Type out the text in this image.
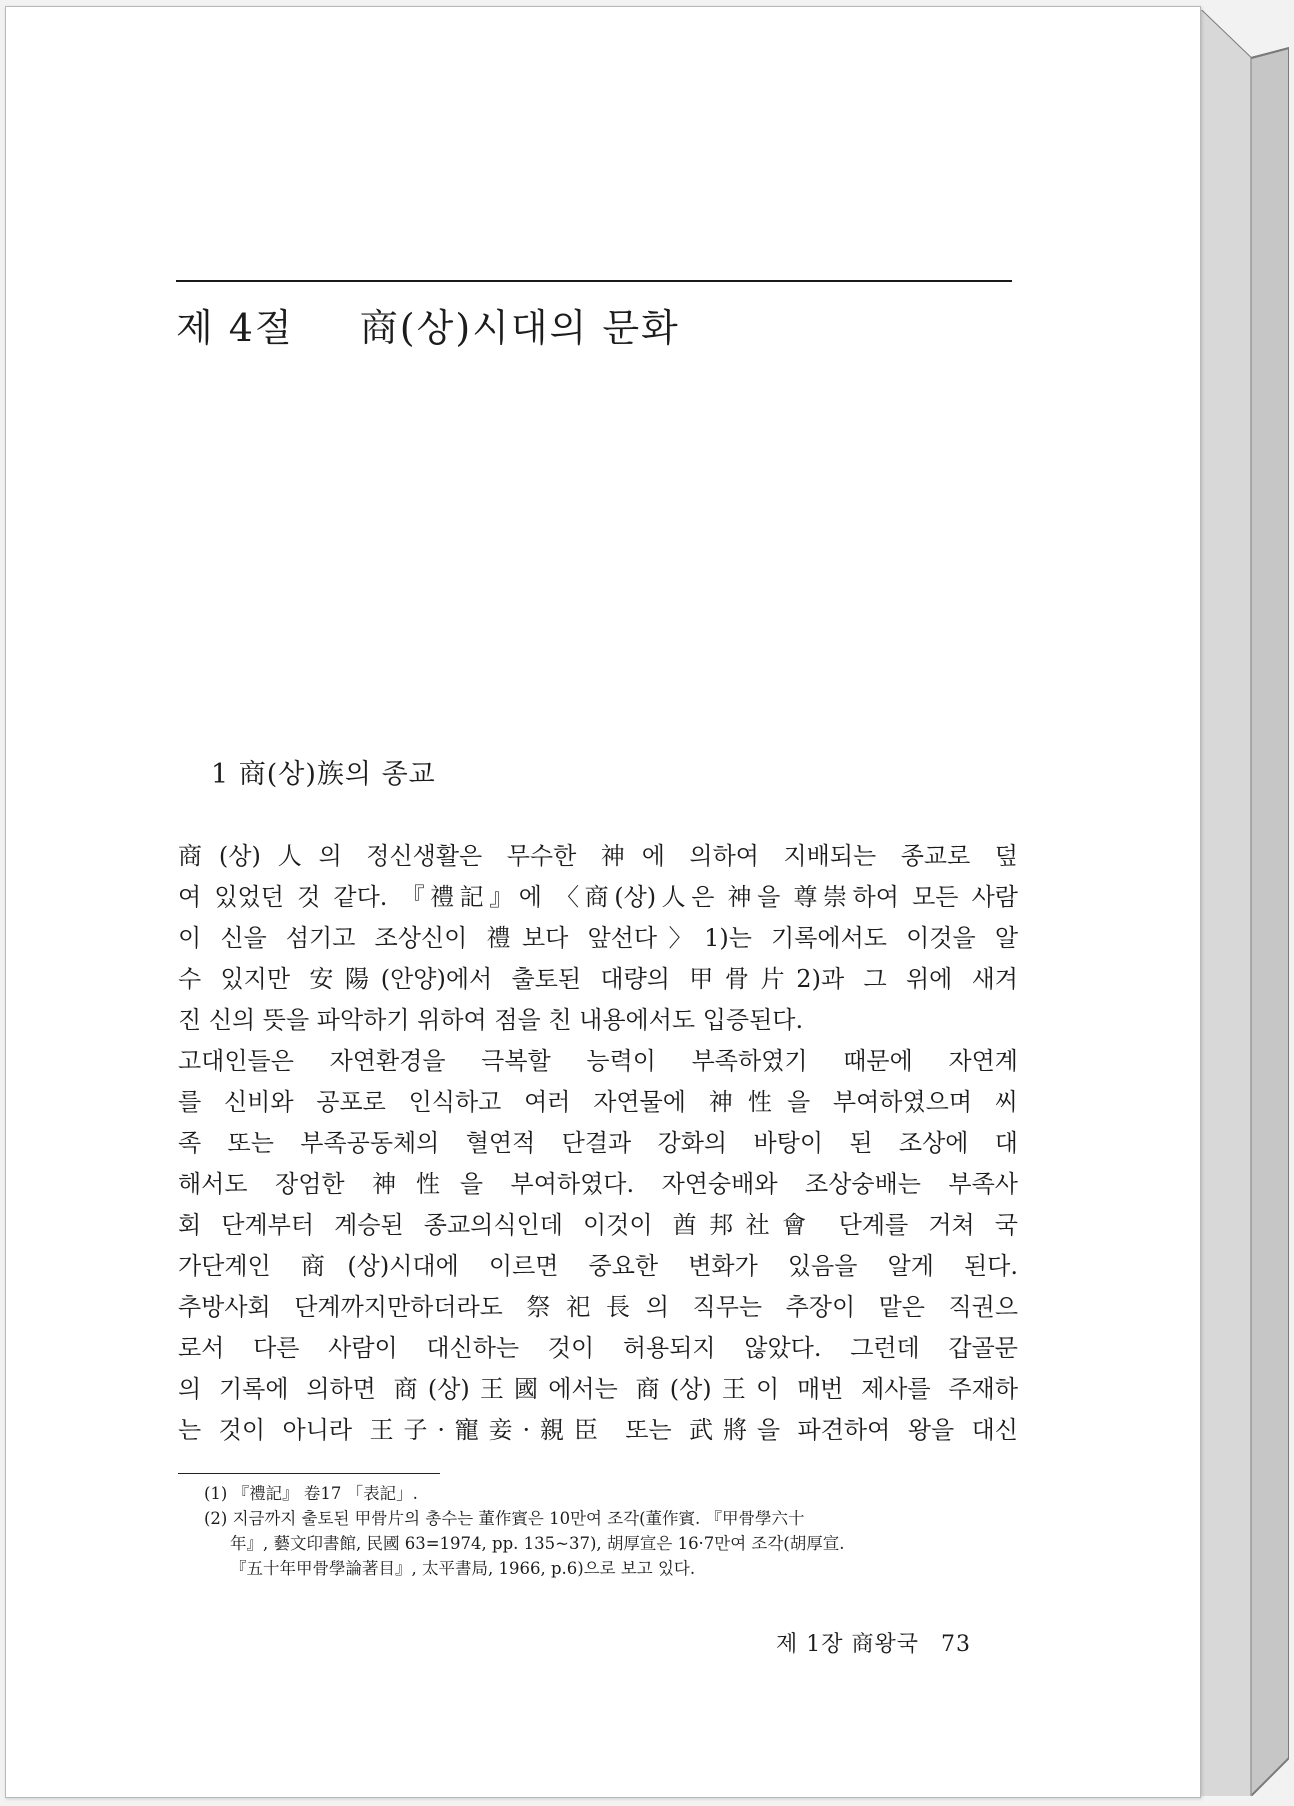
제 4절 商(상)시대의 문화
1 商(상)族의 종교
商(상)人의 정신생활은 무수한 神에 의하여 지배되는 종교로 덮
여 있었던 것 같다. 『禮記』에 〈商(상)人은 神을 尊崇하여 모든 사람
이 신을 섬기고 조상신이 禮보다 앞선다〉1)는 기록에서도 이것을 알
수 있지만 安陽(안양)에서 출토된 대량의 甲骨片2)과 그 위에 새겨
진 신의 뜻을 파악하기 위하여 점을 친 내용에서도 입증된다.
고대인들은 자연환경을 극복할 능력이 부족하였기 때문에 자연계
를 신비와 공포로 인식하고 여러 자연물에 神性을 부여하였으며 씨
족 또는 부족공동체의 혈연적 단결과 강화의 바탕이 된 조상에 대
해서도 장엄한 神性을 부여하였다. 자연숭배와 조상숭배는 부족사
회 단계부터 계승된 종교의식인데 이것이 酋邦社會 단계를 거쳐 국
가단계인 商(상)시대에 이르면 중요한 변화가 있음을 알게 된다.
추방사회 단계까지만하더라도 祭祀長의 직무는 추장이 맡은 직권으
로서 다른 사람이 대신하는 것이 허용되지 않았다. 그런데 갑골문
의 기록에 의하면 商(상)王國에서는 商(상)王이 매번 제사를 주재하
는 것이 아니라 王子·寵妾·親臣 또는 武將을 파견하여 왕을 대신
(1) 『禮記』 卷17 「表記」.
(2) 지금까지 출토된 甲骨片의 총수는 董作賓은 10만여 조각(董作賓. 『甲骨學六十
年』, 藝文印書館, 民國 63=1974, pp. 135~37), 胡厚宣은 16·7만여 조각(胡厚宣.
『五十年甲骨學論著目』, 太平書局, 1966, p.6)으로 보고 있다.
제 1장 商왕국 73
